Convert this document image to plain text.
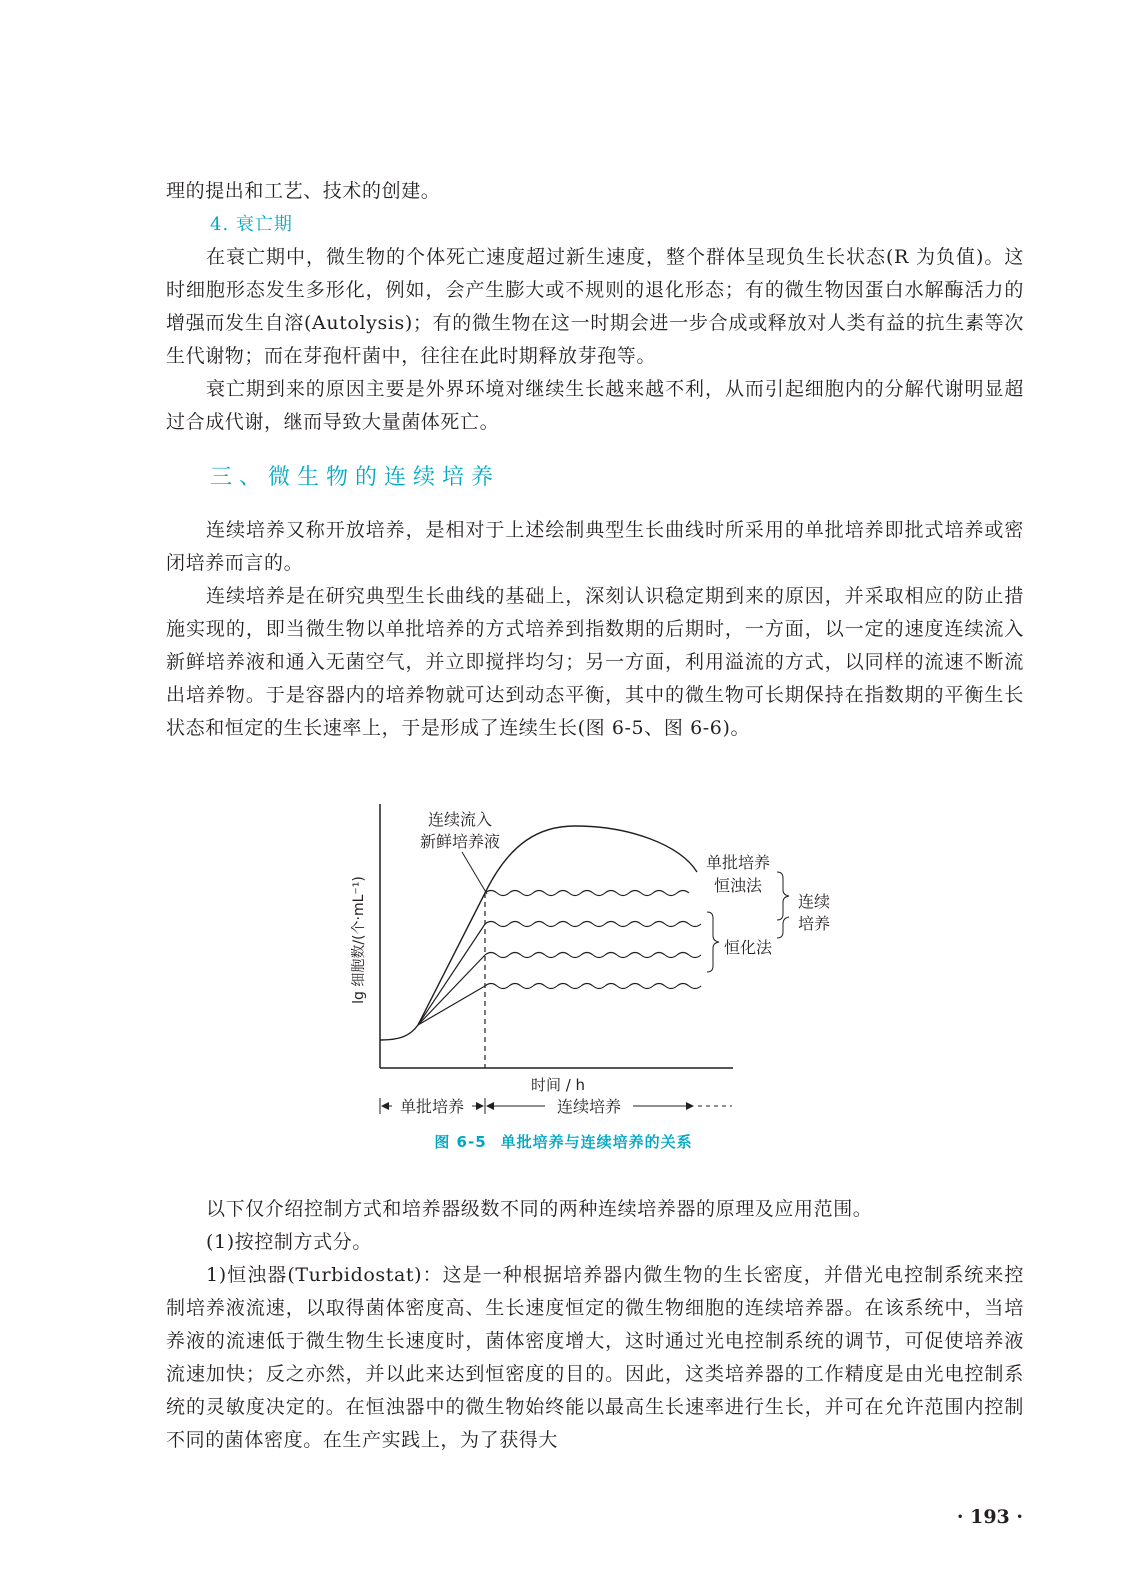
理的提出和工艺、技术的创建。

4. 衰亡期

在衰亡期中，微生物的个体死亡速度超过新生速度，整个群体呈现负生长状态(R 为负值)。这时细胞形态发生多形化，例如，会产生膨大或不规则的退化形态；有的微生物因蛋白水解酶活力的增强而发生自溶(Autolysis)；有的微生物在这一时期会进一步合成或释放对人类有益的抗生素等次生代谢物；而在芽孢杆菌中，往往在此时期释放芽孢等。

衰亡期到来的原因主要是外界环境对继续生长越来越不利，从而引起细胞内的分解代谢明显超过合成代谢，继而导致大量菌体死亡。

三、微生物的连续培养

连续培养又称开放培养，是相对于上述绘制典型生长曲线时所采用的单批培养即批式培养或密闭培养而言的。

连续培养是在研究典型生长曲线的基础上，深刻认识稳定期到来的原因，并采取相应的防止措施实现的，即当微生物以单批培养的方式培养到指数期的后期时，一方面，以一定的速度连续流入新鲜培养液和通入无菌空气，并立即搅拌均匀；另一方面，利用溢流的方式，以同样的流速不断流出培养物。于是容器内的培养物就可达到动态平衡，其中的微生物可长期保持在指数期的平衡生长状态和恒定的生长速率上，于是形成了连续生长(图 6-5、图 6-6)。

连续流入
新鲜培养液
单批培养
恒浊法
连续
培养
恒化法
lg 细胞数/(个·mL⁻¹)
时间 / h
单批培养	连续培养

图 6-5 单批培养与连续培养的关系

以下仅介绍控制方式和培养器级数不同的两种连续培养器的原理及应用范围。

(1)按控制方式分。

1)恒浊器(Turbidostat)：这是一种根据培养器内微生物的生长密度，并借光电控制系统来控制培养液流速，以取得菌体密度高、生长速度恒定的微生物细胞的连续培养器。在该系统中，当培养液的流速低于微生物生长速度时，菌体密度增大，这时通过光电控制系统的调节，可促使培养液流速加快；反之亦然，并以此来达到恒密度的目的。因此，这类培养器的工作精度是由光电控制系统的灵敏度决定的。在恒浊器中的微生物始终能以最高生长速率进行生长，并可在允许范围内控制不同的菌体密度。在生产实践上，为了获得大

· 193 ·
